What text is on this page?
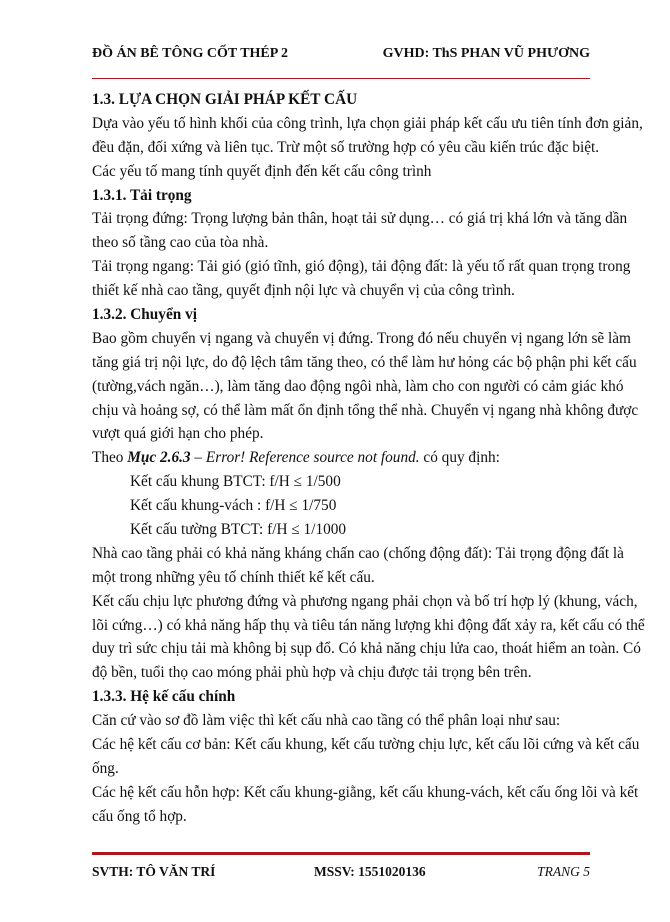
ĐỒ ÁN BÊ TÔNG CỐT THÉP 2	GVHD: ThS PHAN VŨ PHƯƠNG
1.3. LỰA CHỌN GIẢI PHÁP KẾT CẤU
Dựa vào yếu tố hình khối của công trình, lựa chọn giải pháp kết cấu ưu tiên tính đơn giản,
đều đặn, đối xứng và liên tục. Trừ một số trường hợp có yêu cầu kiến trúc đặc biệt.
Các yếu tố mang tính quyết định đến kết cấu công trình
1.3.1. Tải trọng
Tải trọng đứng: Trọng lượng bản thân, hoạt tải sử dụng… có giá trị khá lớn và tăng dần
theo số tầng cao của tòa nhà.
Tải trọng ngang: Tải gió (gió tĩnh, gió động), tải động đất: là yếu tố rất quan trọng trong
thiết kế nhà cao tầng, quyết định nội lực và chuyển vị của công trình.
1.3.2. Chuyển vị
Bao gồm chuyển vị ngang và chuyển vị đứng. Trong đó nếu chuyển vị ngang lớn sẽ làm
tăng giá trị nội lực, do độ lệch tâm tăng theo, có thể làm hư hỏng các bộ phận phi kết cấu
(tường,vách ngăn…), làm tăng dao động ngôi nhà, làm cho con người có cảm giác khó
chịu và hoảng sợ, có thể làm mất ổn định tổng thể nhà. Chuyển vị ngang nhà không được
vượt quá giới hạn cho phép.
Theo Mục 2.6.3 – Error! Reference source not found. có quy định:
Kết cấu khung BTCT: f/H ≤ 1/500
Kết cấu khung-vách : f/H ≤ 1/750
Kết cấu tường BTCT: f/H ≤ 1/1000
Nhà cao tầng phải có khả năng kháng chấn cao (chống động đất): Tải trọng động đất là
một trong những yêu tố chính thiết kế kết cấu.
Kết cấu chịu lực phương đứng và phương ngang phải chọn và bố trí hợp lý (khung, vách,
lõi cứng…) có khả năng hấp thụ và tiêu tán năng lượng khi động đất xảy ra, kết cấu có thể
duy trì sức chịu tải mà không bị sụp đổ. Có khả năng chịu lửa cao, thoát hiểm an toàn. Có
độ bền, tuổi thọ cao móng phải phù hợp và chịu được tải trọng bên trên.
1.3.3. Hệ kế cấu chính
Căn cứ vào sơ đồ làm việc thì kết cấu nhà cao tầng có thể phân loại như sau:
Các hệ kết cấu cơ bản: Kết cấu khung, kết cấu tường chịu lực, kết cấu lõi cứng và kết cấu
ống.
Các hệ kết cấu hỗn hợp: Kết cấu khung-giằng, kết cấu khung-vách, kết cấu ống lõi và kết
cấu ống tổ hợp.
SVTH: TÔ VĂN TRÍ	MSSV: 1551020136	TRANG 5
